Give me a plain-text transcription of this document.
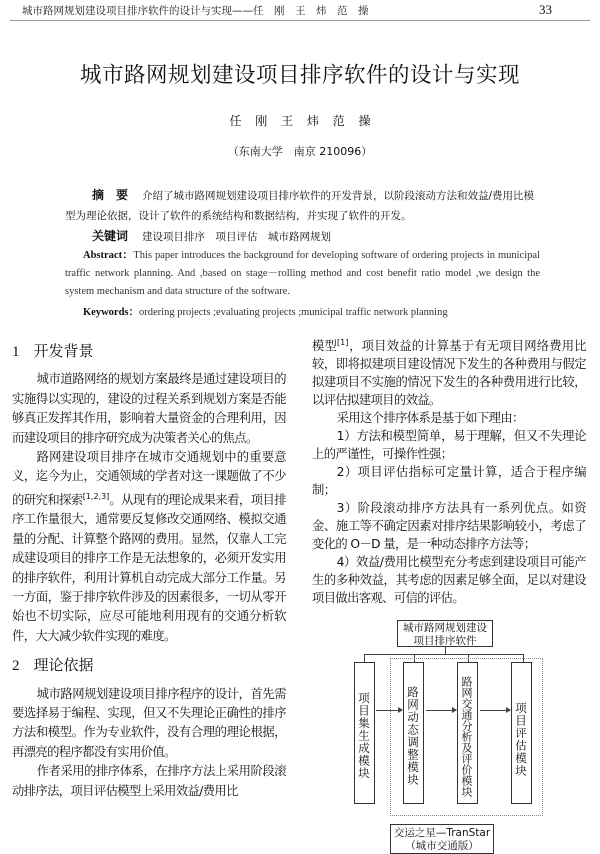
城市路网规划建设项目排序软件的设计与实现——任　刚　王　炜　范　操	33
城市路网规划建设项目排序软件的设计与实现
任 刚 王 炜 范 操
（东南大学　南京 210096）
摘　要 介绍了城市路网规划建设项目排序软件的开发背景，以阶段滚动方法和效益/费用比模型为理论依据，设计了软件的系统结构和数据结构，并实现了软件的开发。
关键词 建设项目排序　项目评估　城市路网规划
Abstract：This paper introduces the background for developing software of ordering projects in municipal traffic network planning. And ,based on stage－rolling method and cost benefit ratio model ,we design the system mechanism and data structure of the software.
Keywords：ordering projects ;evaluating projects ;municipal traffic network planning
1 开发背景

城市道路网络的规划方案最终是通过建设项目的实施得以实现的，建设的过程关系到规划方案是否能够真正发挥其作用，影响着大量资金的合理利用，因而建设项目的排序研究成为决策者关心的焦点。

路网建设项目排序在城市交通规划中的重要意义，迄今为止，交通领域的学者对这一课题做了不少的研究和探索[1,2,3]。从现有的理论成果来看，项目排序工作量很大，通常要反复修改交通网络、模拟交通量的分配、计算整个路网的费用。显然，仅靠人工完成建设项目的排序工作是无法想象的，必须开发实用的排序软件，利用计算机自动完成大部分工作量。另一方面，鉴于排序软件涉及的因素很多，一切从零开始也不切实际，应尽可能地利用现有的交通分析软件，大大减少软件实现的难度。

2 理论依据

城市路网规划建设项目排序程序的设计，首先需要选择易于编程、实现，但又不失理论正确性的排序方法和模型。作为专业软件，没有合理的理论根据，再漂亮的程序都没有实用价值。

作者采用的排序体系，在排序方法上采用阶段滚动排序法，项目评估模型上采用效益/费用比

模型[1]，项目效益的计算基于有无项目网络费用比较，即将拟建项目建设情况下发生的各种费用与假定拟建项目不实施的情况下发生的各种费用进行比较，以评估拟建项目的效益。

采用这个排序体系是基于如下理由：

1）方法和模型简单，易于理解，但又不失理论上的严谨性，可操作性强；

2）项目评估指标可定量计算，适合于程序编制；

3）阶段滚动排序方法具有一系列优点。如资金、施工等不确定因素对排序结果影响较小，考虑了变化的 O－D 量，是一种动态排序方法等；

4）效益/费用比模型充分考虑到建设项目可能产生的多种效益，其考虑的因素足够全面，足以对建设项目做出客观、可信的评估。

城市路网规划建设项目排序软件
项目集生成模块	路网动态调整模块	路网交通分析及评价模块	项目评估模块
交运之星—TranStar
（城市交通版）
